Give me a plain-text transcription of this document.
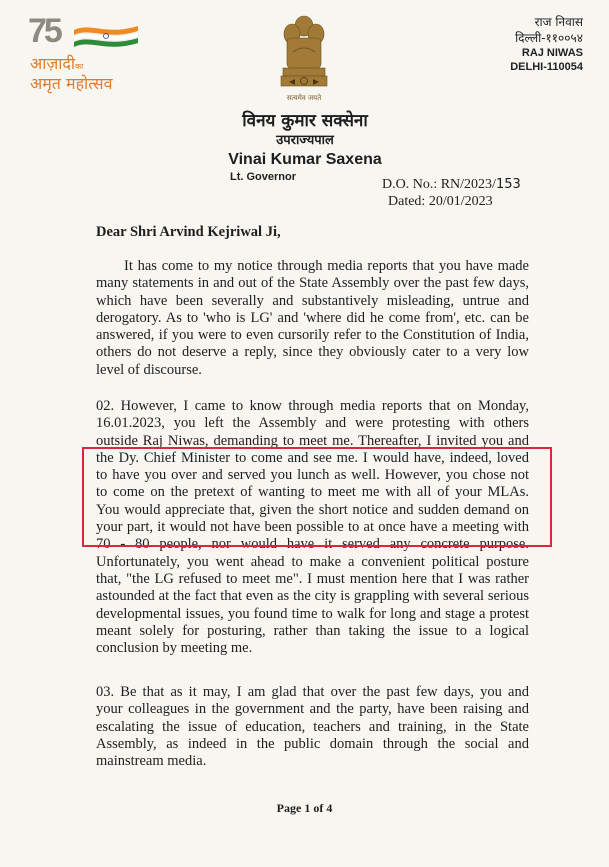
75
आज़ादीका
अमृत महोत्सव
सत्यमेव जयते
राज निवास
दिल्ली-११००५४
RAJ NIWAS
DELHI-110054
विनय कुमार सक्सेना
उपराज्यपाल
Vinai Kumar Saxena
Lt. Governor	D.O. No.: RN/2023/153
Dated: 20/01/2023
Dear Shri Arvind Kejriwal Ji,
It has come to my notice through media reports that you have made
many statements in and out of the State Assembly over the past few days,
which have been severally and substantively misleading, untrue and
derogatory. As to 'who is LG' and 'where did he come from', etc. can be
answered, if you were to even cursorily refer to the Constitution of India,
others do not deserve a reply, since they obviously cater to a very low
level of discourse.
02. However, I came to know through media reports that on Monday,
16.01.2023, you left the Assembly and were protesting with others
outside Raj Niwas, demanding to meet me. Thereafter, I invited you and
the Dy. Chief Minister to come and see me. I would have, indeed, loved
to have you over and served you lunch as well. However, you chose not
to come on the pretext of wanting to meet me with all of your MLAs.
You would appreciate that, given the short notice and sudden demand on
your part, it would not have been possible to at once have a meeting with
70 - 80 people, nor would have it served any concrete purpose.
Unfortunately, you went ahead to make a convenient political posture
that, "the LG refused to meet me". I must mention here that I was rather
astounded at the fact that even as the city is grappling with several serious
developmental issues, you found time to walk for long and stage a protest
meant solely for posturing, rather than taking the issue to a logical
conclusion by meeting me.
03. Be that as it may, I am glad that over the past few days, you and
your colleagues in the government and the party, have been raising and
escalating the issue of education, teachers and training, in the State
Assembly, as indeed in the public domain through the social and
mainstream media.
Page 1 of 4
